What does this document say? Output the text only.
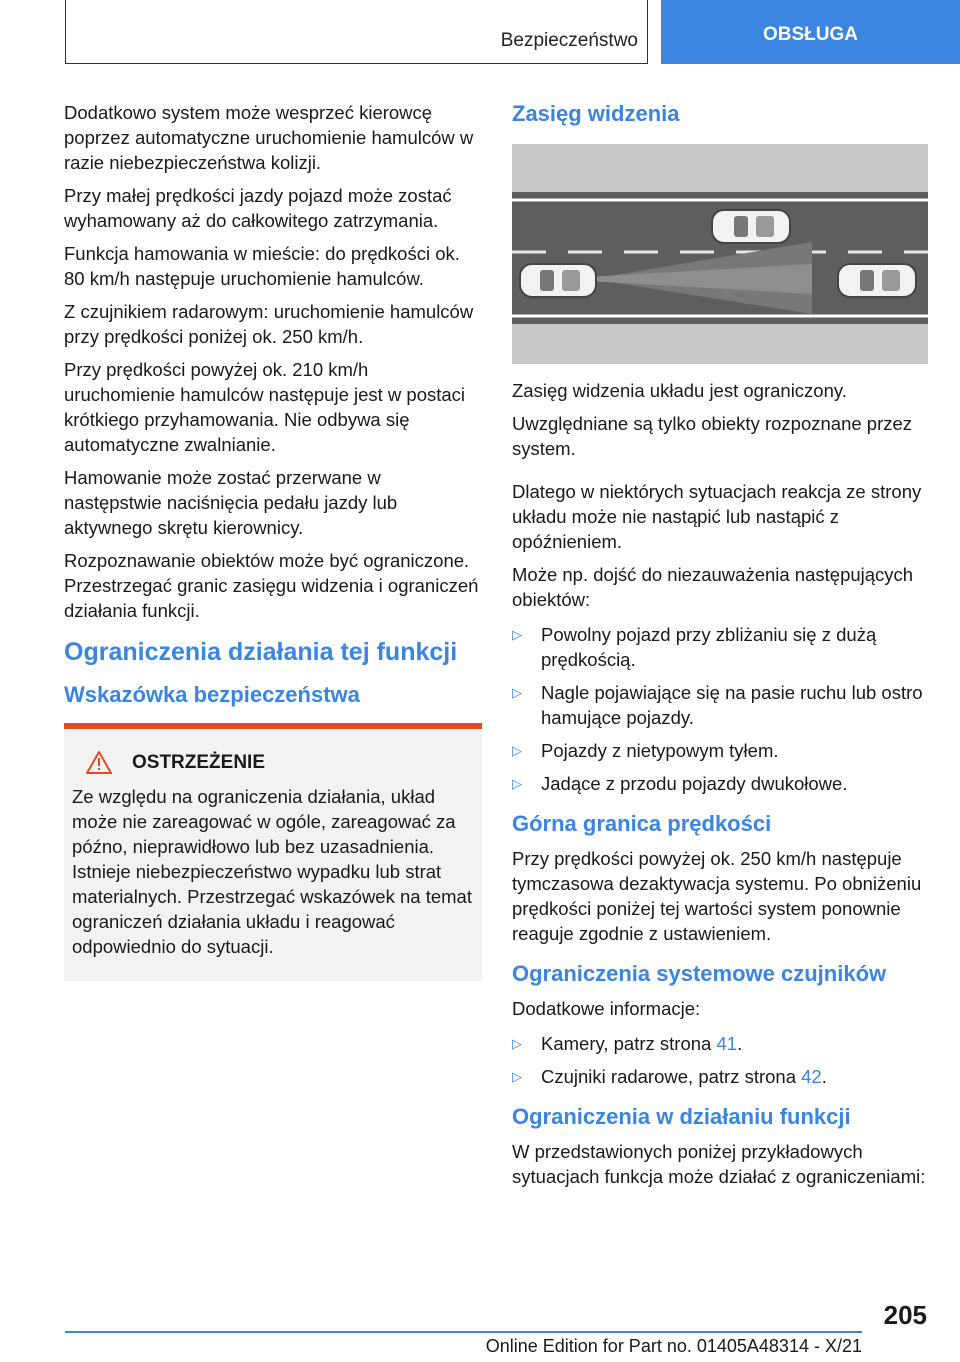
Bezpieczeństwo	OBSŁUGA

Dodatkowo system może wesprzeć kierowcę poprzez automatyczne uruchomienie hamulców w razie niebezpieczeństwa kolizji.

Przy małej prędkości jazdy pojazd może zostać wyhamowany aż do całkowitego zatrzymania.

Funkcja hamowania w mieście: do prędkości ok. 80 km/h następuje uruchomienie hamulców.

Z czujnikiem radarowym: uruchomienie hamulców przy prędkości poniżej ok. 250 km/h.

Przy prędkości powyżej ok. 210 km/h uruchomienie hamulców następuje jest w postaci krótkiego przyhamowania. Nie odbywa się automatyczne zwalnianie.

Hamowanie może zostać przerwane w następstwie naciśnięcia pedału jazdy lub aktywnego skrętu kierownicy.

Rozpoznawanie obiektów może być ograniczone. Przestrzegać granic zasięgu widzenia i ograniczeń działania funkcji.

Ograniczenia działania tej funkcji
Wskazówka bezpieczeństwa
OSTRZEŻENIE

Ze względu na ograniczenia działania, układ może nie zareagować w ogóle, zareagować za późno, nieprawidłowo lub bez uzasadnienia. Istnieje niebezpieczeństwo wypadku lub strat materialnych. Przestrzegać wskazówek na temat ograniczeń działania układu i reagować odpowiednio do sytuacji.

Zasięg widzenia

Zasięg widzenia układu jest ograniczony.

Uwzględniane są tylko obiekty rozpoznane przez system.

Dlatego w niektórych sytuacjach reakcja ze strony układu może nie nastąpić lub nastąpić z opóźnieniem.

Może np. dojść do niezauważenia następujących obiektów:

▷ Powolny pojazd przy zbliżaniu się z dużą prędkością.
▷ Nagle pojawiające się na pasie ruchu lub ostro hamujące pojazdy.
▷ Pojazdy z nietypowym tyłem.
▷ Jadące z przodu pojazdy dwukołowe.
Górna granica prędkości

Przy prędkości powyżej ok. 250 km/h następuje tymczasowa dezaktywacja systemu. Po obniżeniu prędkości poniżej tej wartości system ponownie reaguje zgodnie z ustawieniem.

Ograniczenia systemowe czujników

Dodatkowe informacje:

▷ Kamery, patrz strona 41.
▷ Czujniki radarowe, patrz strona 42.
Ograniczenia w działaniu funkcji

W przedstawionych poniżej przykładowych sytuacjach funkcja może działać z ograniczeniami:

205
Online Edition for Part no. 01405A48314 - X/21
